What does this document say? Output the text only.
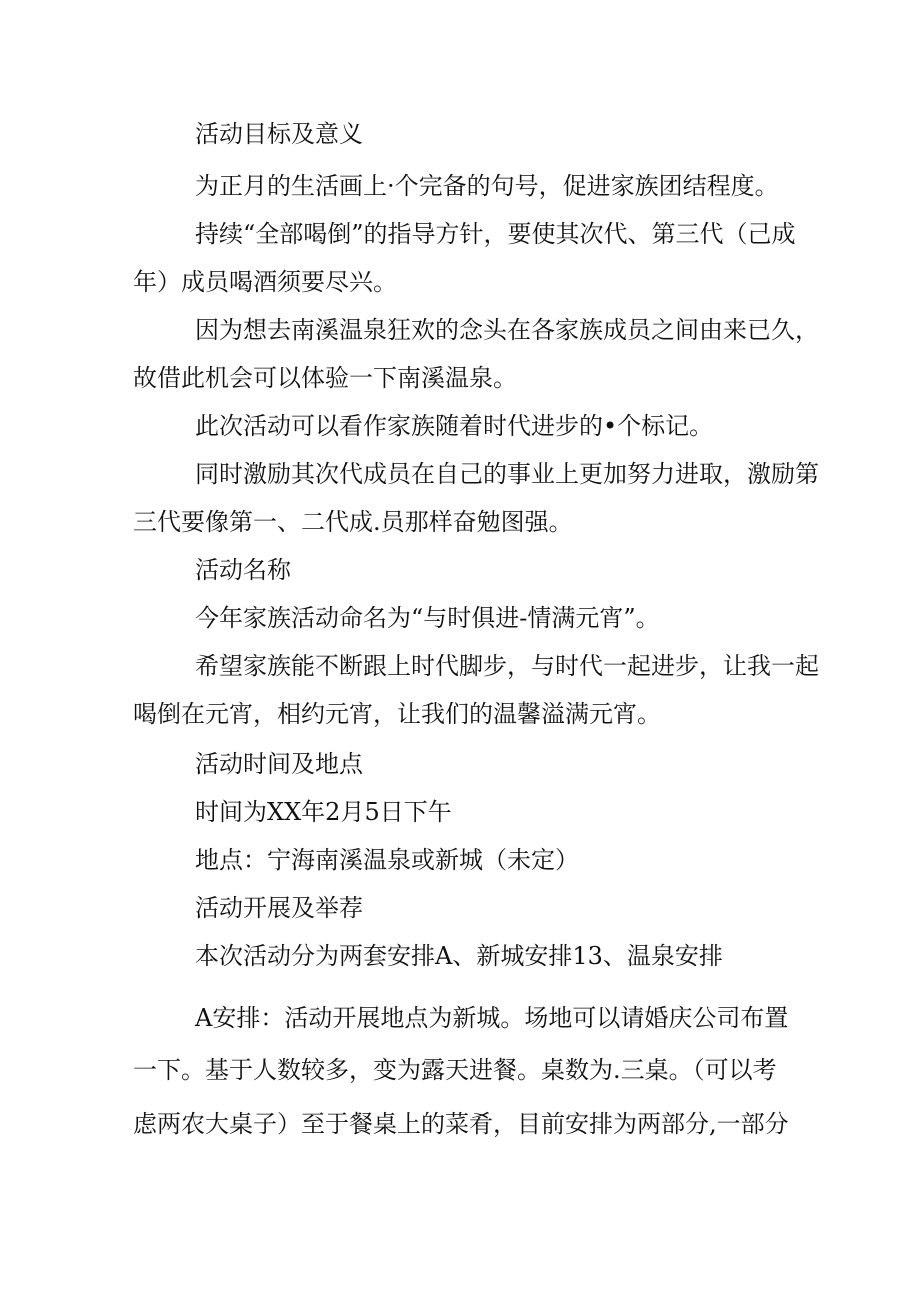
活动目标及意义
为正月的生活画上·个完备的句号，促进家族团结程度。
持续“全部喝倒”的指导方针，要使其次代、第三代（己成
年）成员喝酒须要尽兴。
因为想去南溪温泉狂欢的念头在各家族成员之间由来已久，
故借此机会可以体验一下南溪温泉。
此次活动可以看作家族随着时代进步的•个标记。
同时激励其次代成员在自己的事业上更加努力进取，激励第
三代要像第一、二代成.员那样奋勉图强。
活动名称
今年家族活动命名为“与时俱进-情满元宵”。
希望家族能不断跟上时代脚步，与时代一起进步，让我一起
喝倒在元宵，相约元宵，让我们的温馨溢满元宵。
活动时间及地点
时间为XX年2月5日下午
地点：宁海南溪温泉或新城（未定）
活动开展及举荐
本次活动分为两套安排A、新城安排13、温泉安排
A安排：活动开展地点为新城。场地可以请婚庆公司布置
一下。基于人数较多，变为露天进餐。桌数为.三桌。（可以考
虑两农大桌子）至于餐桌上的菜肴，目前安排为两部分,一部分
